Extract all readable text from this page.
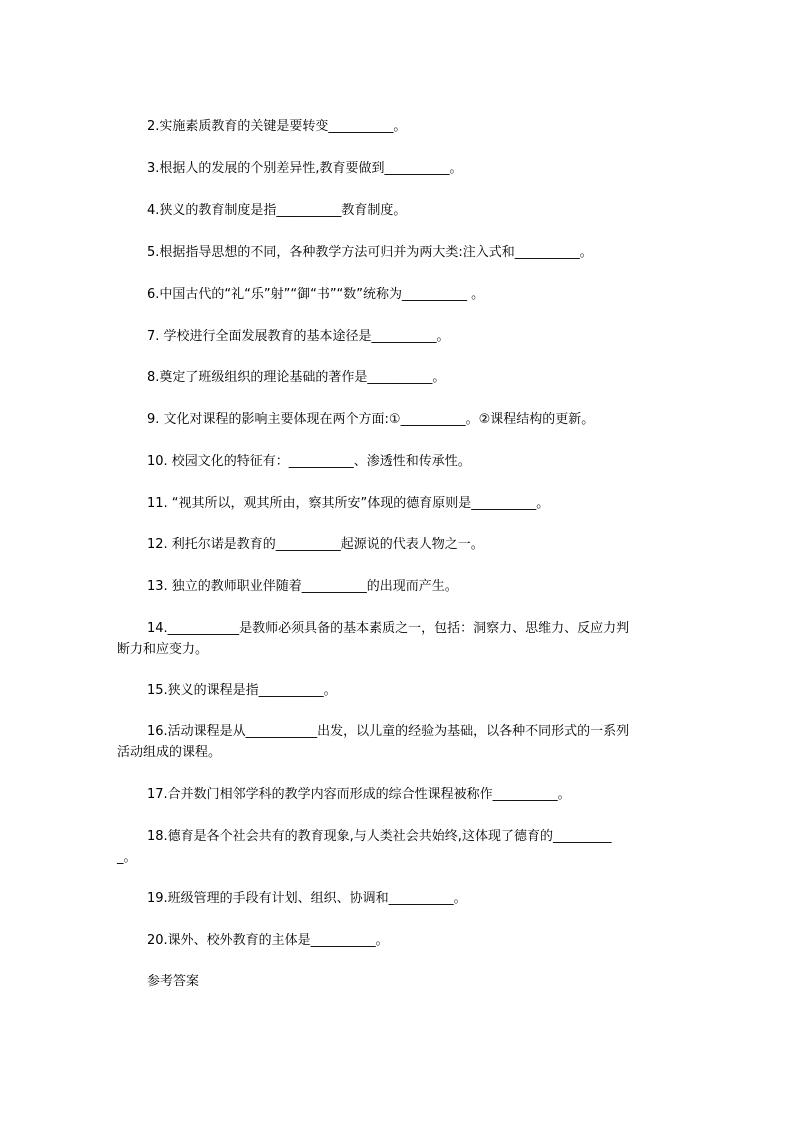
2.实施素质教育的关键是要转变__________。
3.根据人的发展的个别差异性,教育要做到__________。
4.狭义的教育制度是指__________教育制度。
5.根据指导思想的不同，各种教学方法可归并为两大类:注入式和__________。
6.中国古代的“礼“乐”射”“御“书”“数”统称为__________ 。
7. 学校进行全面发展教育的基本途径是__________。
8.奠定了班级组织的理论基础的著作是__________。
9. 文化对课程的影响主要体现在两个方面:①__________。②课程结构的更新。
10. 校园文化的特征有：__________、渗透性和传承性。
11. “视其所以，观其所由，察其所安”体现的德育原则是__________。
12. 利托尔诺是教育的__________起源说的代表人物之一。
13. 独立的教师职业伴随着__________的出现而产生。
14.___________是教师必须具备的基本素质之一，包括：洞察力、思维力、反应力判
断力和应变力。
15.狭义的课程是指__________。
16.活动课程是从___________出发，以儿童的经验为基础，以各种不同形式的一系列
活动组成的课程。
17.合并数门相邻学科的教学内容而形成的综合性课程被称作__________。
18.德育是各个社会共有的教育现象,与人类社会共始终,这体现了德育的_________
_。
19.班级管理的手段有计划、组织、协调和__________。
20.课外、校外教育的主体是__________。
参考答案
